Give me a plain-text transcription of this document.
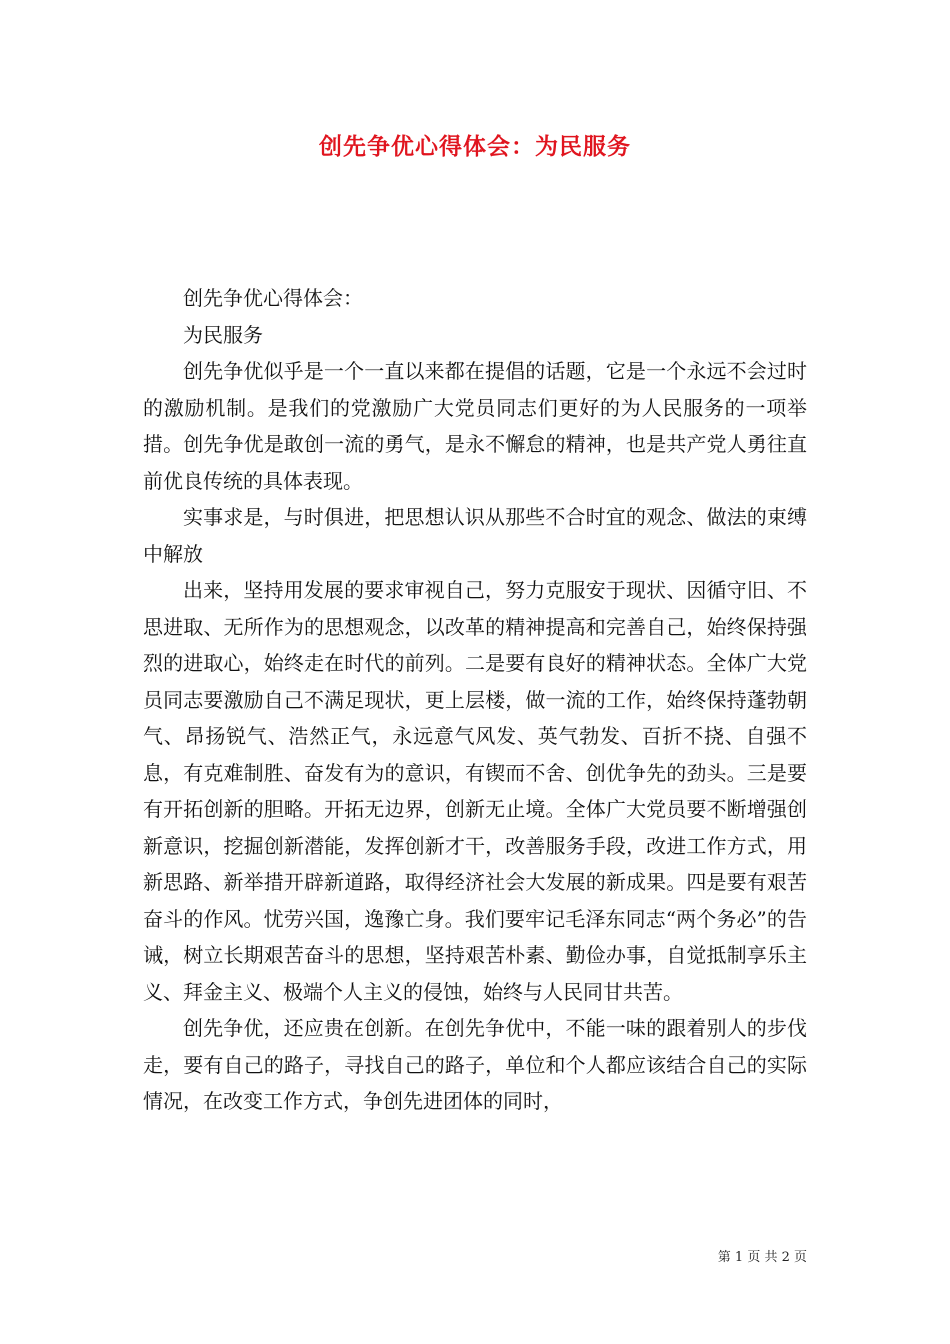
创先争优心得体会：为民服务

创先争优心得体会：

为民服务

创先争优似乎是一个一直以来都在提倡的话题，它是一个永远不会过时的激励机制。是我们的党激励广大党员同志们更好的为人民服务的一项举措。创先争优是敢创一流的勇气，是永不懈怠的精神，也是共产党人勇往直前优良传统的具体表现。

实事求是，与时俱进，把思想认识从那些不合时宜的观念、做法的束缚中解放

出来，坚持用发展的要求审视自己，努力克服安于现状、因循守旧、不思进取、无所作为的思想观念，以改革的精神提高和完善自己，始终保持强烈的进取心，始终走在时代的前列。二是要有良好的精神状态。全体广大党员同志要激励自己不满足现状，更上层楼，做一流的工作，始终保持蓬勃朝气、昂扬锐气、浩然正气，永远意气风发、英气勃发、百折不挠、自强不息，有克难制胜、奋发有为的意识，有锲而不舍、创优争先的劲头。三是要有开拓创新的胆略。开拓无边界，创新无止境。全体广大党员要不断增强创新意识，挖掘创新潜能，发挥创新才干，改善服务手段，改进工作方式，用新思路、新举措开辟新道路，取得经济社会大发展的新成果。四是要有艰苦奋斗的作风。忧劳兴国，逸豫亡身。我们要牢记毛泽东同志“两个务必”的告诫，树立长期艰苦奋斗的思想，坚持艰苦朴素、勤俭办事，自觉抵制享乐主义、拜金主义、极端个人主义的侵蚀，始终与人民同甘共苦。

创先争优，还应贵在创新。在创先争优中，不能一味的跟着别人的步伐走，要有自己的路子，寻找自己的路子，单位和个人都应该结合自己的实际情况，在改变工作方式，争创先进团体的同时，

第 1 页 共 2 页
